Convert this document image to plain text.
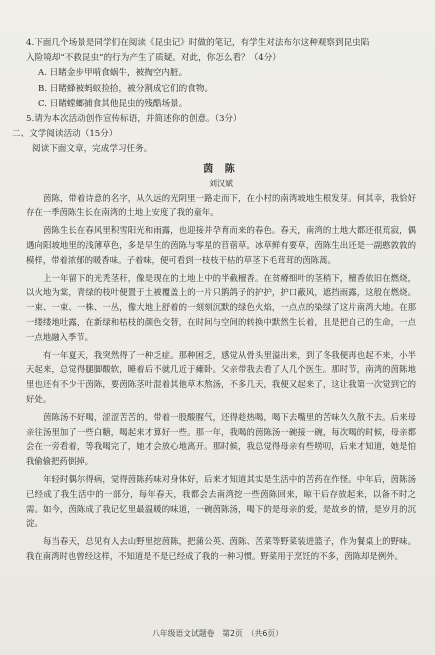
4.下面几个场景是同学们在阅读《昆虫记》时做的笔记，有学生对法布尔这种观察到昆虫陷

入险境却“不救昆虫”的行为产生了质疑。对此，你怎么看？（4分）

A. 日睹金步甲啃食蜗牛，被掏空内脏。

B. 日睹蜂被蚂蚁捡拾，被分割成它们的食物。

C. 日睹螳螂捕食其他昆虫的残酷场景。

5.请为本次活动创作宣传标语，并简述你的创意。（3分）

二、文学阅读活动（15分）

阅读下面文章，完成学习任务。

茵 陈

刘汉斌

茵陈，带着诗意的名字，从久远的光阴里一路走而下，在小村的南湾坡地生根发芽。何其幸，我恰好存在一季茵陈生长在南湾的土地上安度了我的童年。

茵陈生长在春风里积雪阳光和雨露，也迎接并孕育而来的春色。春天，南湾的土地大都还很荒寂，偶遇向阳坡地里的浅薄草色，多是早生的茵陈与零星的苜蓿草。冰草鲜有要草，茵陈生出还是一副憨敦敦的模样，带着浓郁的暖香味。子着味，便可看到一枝枝干枯的草茎下毛茸茸的茵陈蒿。

上一年留下的光秃茎秆，像是现在的土地上中的半截檀香。在贫瘠细叶的茎梢下，檀香依旧在燃烧，以火地为棠，青绿的枝叶便置于土被覆盖上的一片只鹊鸽子的护护，护口蔽风，遮挡雨露，这般在燃烧。一束、一束、一株、一丛，像大地上舒着的一刻刻沉默的绿色火焰，一点点的染绿了这片南湾大地。在那一缕缕地吐露，在新绿和枯枝的颜色交替，在时间与空间的转换中默然生长着，且是把自己的生命，一点一点地融入季节。

有一年夏天，我突然得了一种乏症。那种困乏，感觉从骨头里溢出来，到了冬我便再也起不来，小半天起来，总觉得腿脚酸软，睡着后不就几近于瘫卧。父亲带我去看了人几个医生。那时节，南湾的茵陈地里也还有不少干茵陈，要茵陈茎叶混着其他草木熬汤，不多几天，我便又起来了，这让我第一次觉到它的好处。

茵陈汤不好喝，涩涩苦苦的，带着一股酸腥气，还得趁热喝，喝下去嘴里的苦味久久散不去。后来母亲往汤里加了一些白糖，喝起来才算好一些。那一年，我喝的茵陈汤一碗接一碗，每次喝的时候，母亲都会在一旁看着，等我喝完了，她才会放心地离开。那时候，我总觉得母亲有些唠叨，后来才知道，她是怕我偷偷把药倒掉。

年轻时偶尔得病，觉得茵陈药味对身体好，后来才知道其实是生活中的苦药在作怪。中年后，茵陈汤已经成了我生活中的一部分，每年春天，我都会去南湾挖一些茵陈回来，晾干后存放起来，以备不时之需。如今，茵陈成了我记忆里最温暖的味道，一碗茵陈汤，喝下的是母亲的爱，是故乡的情，是岁月的沉淀。

每当春天，总见有人去山野里挖茵陈，把蒲公英、茵陈、苦菜等野菜装进篮子，作为餐桌上的野味。我在南湾时也曾经这样，不知道是不是已经成了我的一种习惯。野菜用于烹饪的不多，茵陈却是例外。

八年级语文试题卷　第2页　（共6页）
